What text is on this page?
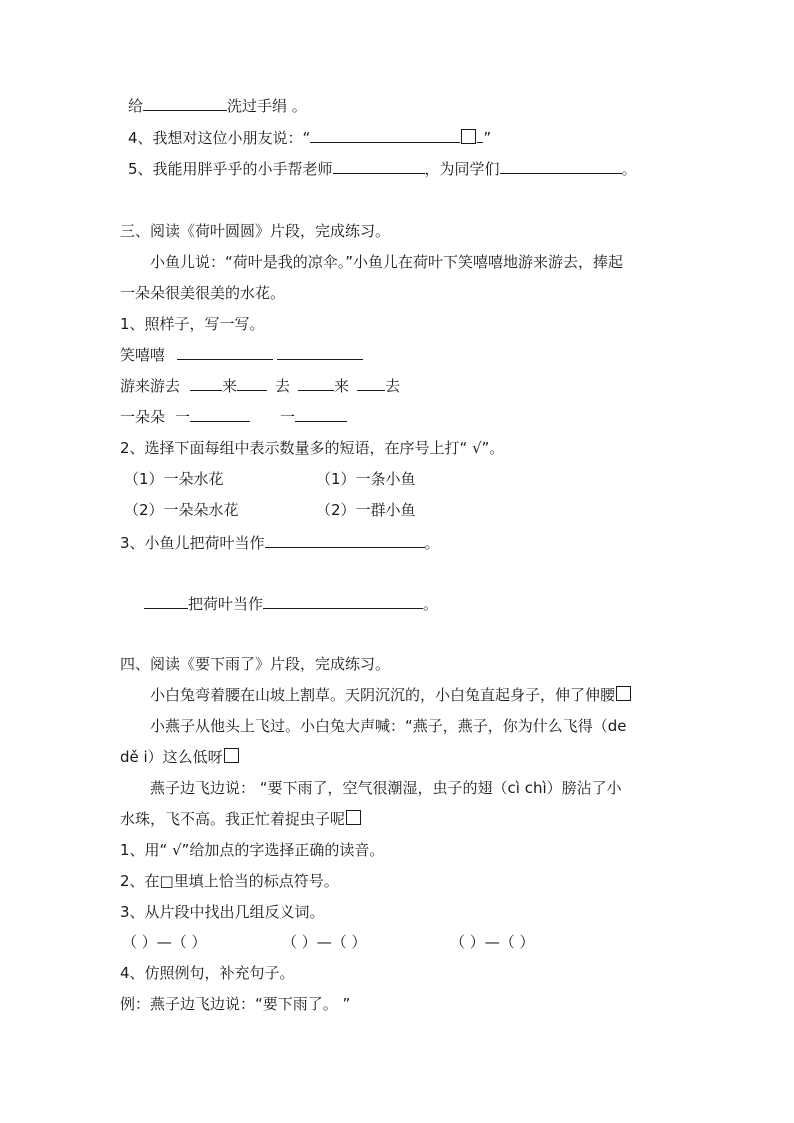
给	洗过手绢 。
4、我想对这位小朋友说：“	”
5、我能用胖乎乎的小手帮老师	，为同学们	。
三、阅读《荷叶圆圆》片段，完成练习。
小鱼儿说：“荷叶是我的凉伞。”小鱼儿在荷叶下笑嘻嘻地游来游去，捧起
一朵朵很美很美的水花。
1、照样子，写一写。
笑嘻嘻
游来游去	来	去	来 去
一朵朵 一	一
2、选择下面每组中表示数量多的短语，在序号上打“ √”。
（1）一朵水花	（1）一条小鱼
（2）一朵朵水花	（2）一群小鱼
3、小鱼儿把荷叶当作	。
把荷叶当作	。
四、阅读《要下雨了》片段，完成练习。
小白兔弯着腰在山坡上割草。天阴沉沉的，小白兔直起身子，伸了伸腰
小燕子从他头上飞过。小白兔大声喊：“燕子，燕子，你为什么飞得（de
dě i）这么低呀
燕子边飞边说： “要下雨了，空气很潮湿，虫子的翅（cì chì）膀沾了小
水珠，飞不高。我正忙着捉虫子呢
1、用“ √”给加点的字选择正确的读音。
2、在□里填上恰当的标点符号。
3、从片段中找出几组反义词。
（ ）—（ ）	（ ）—（ ）	（ ）—（ ）
4、仿照例句，补充句子。
例：燕子边飞边说：“要下雨了。 ”
